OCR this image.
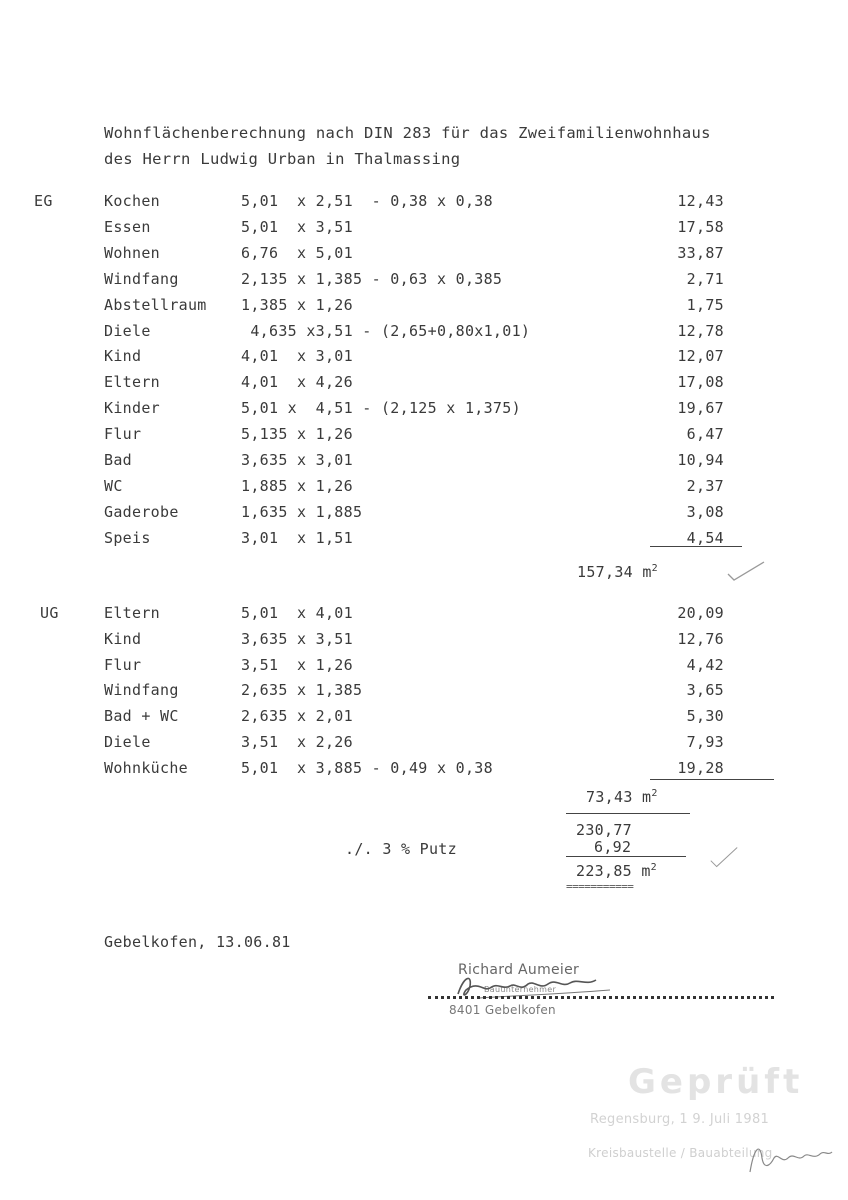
Wohnflächenberechnung nach DIN 283 für das Zweifamilienwohnhaus
des Herrn Ludwig Urban in Thalmassing
EG	Kochen	5,01  x 2,51  - 0,38 x 0,38	12,43
Essen	5,01  x 3,51	17,58
Wohnen	6,76  x 5,01	33,87
Windfang	2,135 x 1,385 - 0,63 x 0,385	2,71
Abstellraum 1,385 x 1,26	1,75
Diele	4,635 x3,51 - (2,65+0,80x1,01)	12,78
Kind	4,01  x 3,01	12,07
Eltern	4,01  x 4,26	17,08
Kinder	5,01 x  4,51 - (2,125 x 1,375)	19,67
Flur	5,135 x 1,26	6,47
Bad	3,635 x 3,01	10,94
WC	1,885 x 1,26	2,37
Gaderobe	1,635 x 1,885	3,08
Speis	3,01  x 1,51	4,54
157,34 $m^2$
UG	Eltern	5,01  x 4,01	20,09
Kind	3,635 x 3,51	12,76
Flur	3,51  x 1,26	4,42
Windfang	2,635 x 1,385	3,65
Bad + WC	2,635 x 2,01	5,30
Diele	3,51  x 2,26	7,93
Wohnküche	5,01  x 3,885 - 0,49 x 0,38	19,28
73,43 $m^2$
230,77
./. 3 % Putz	6,92
223,85 $m^2$
===========
Gebelkofen, 13.06.81
Richard Aumeier
Bauunternehmer
8401 Gebelkofen
Geprüft
Regensburg, 1 9. Juli 1981
Kreisbaustelle / Bauabteilung
